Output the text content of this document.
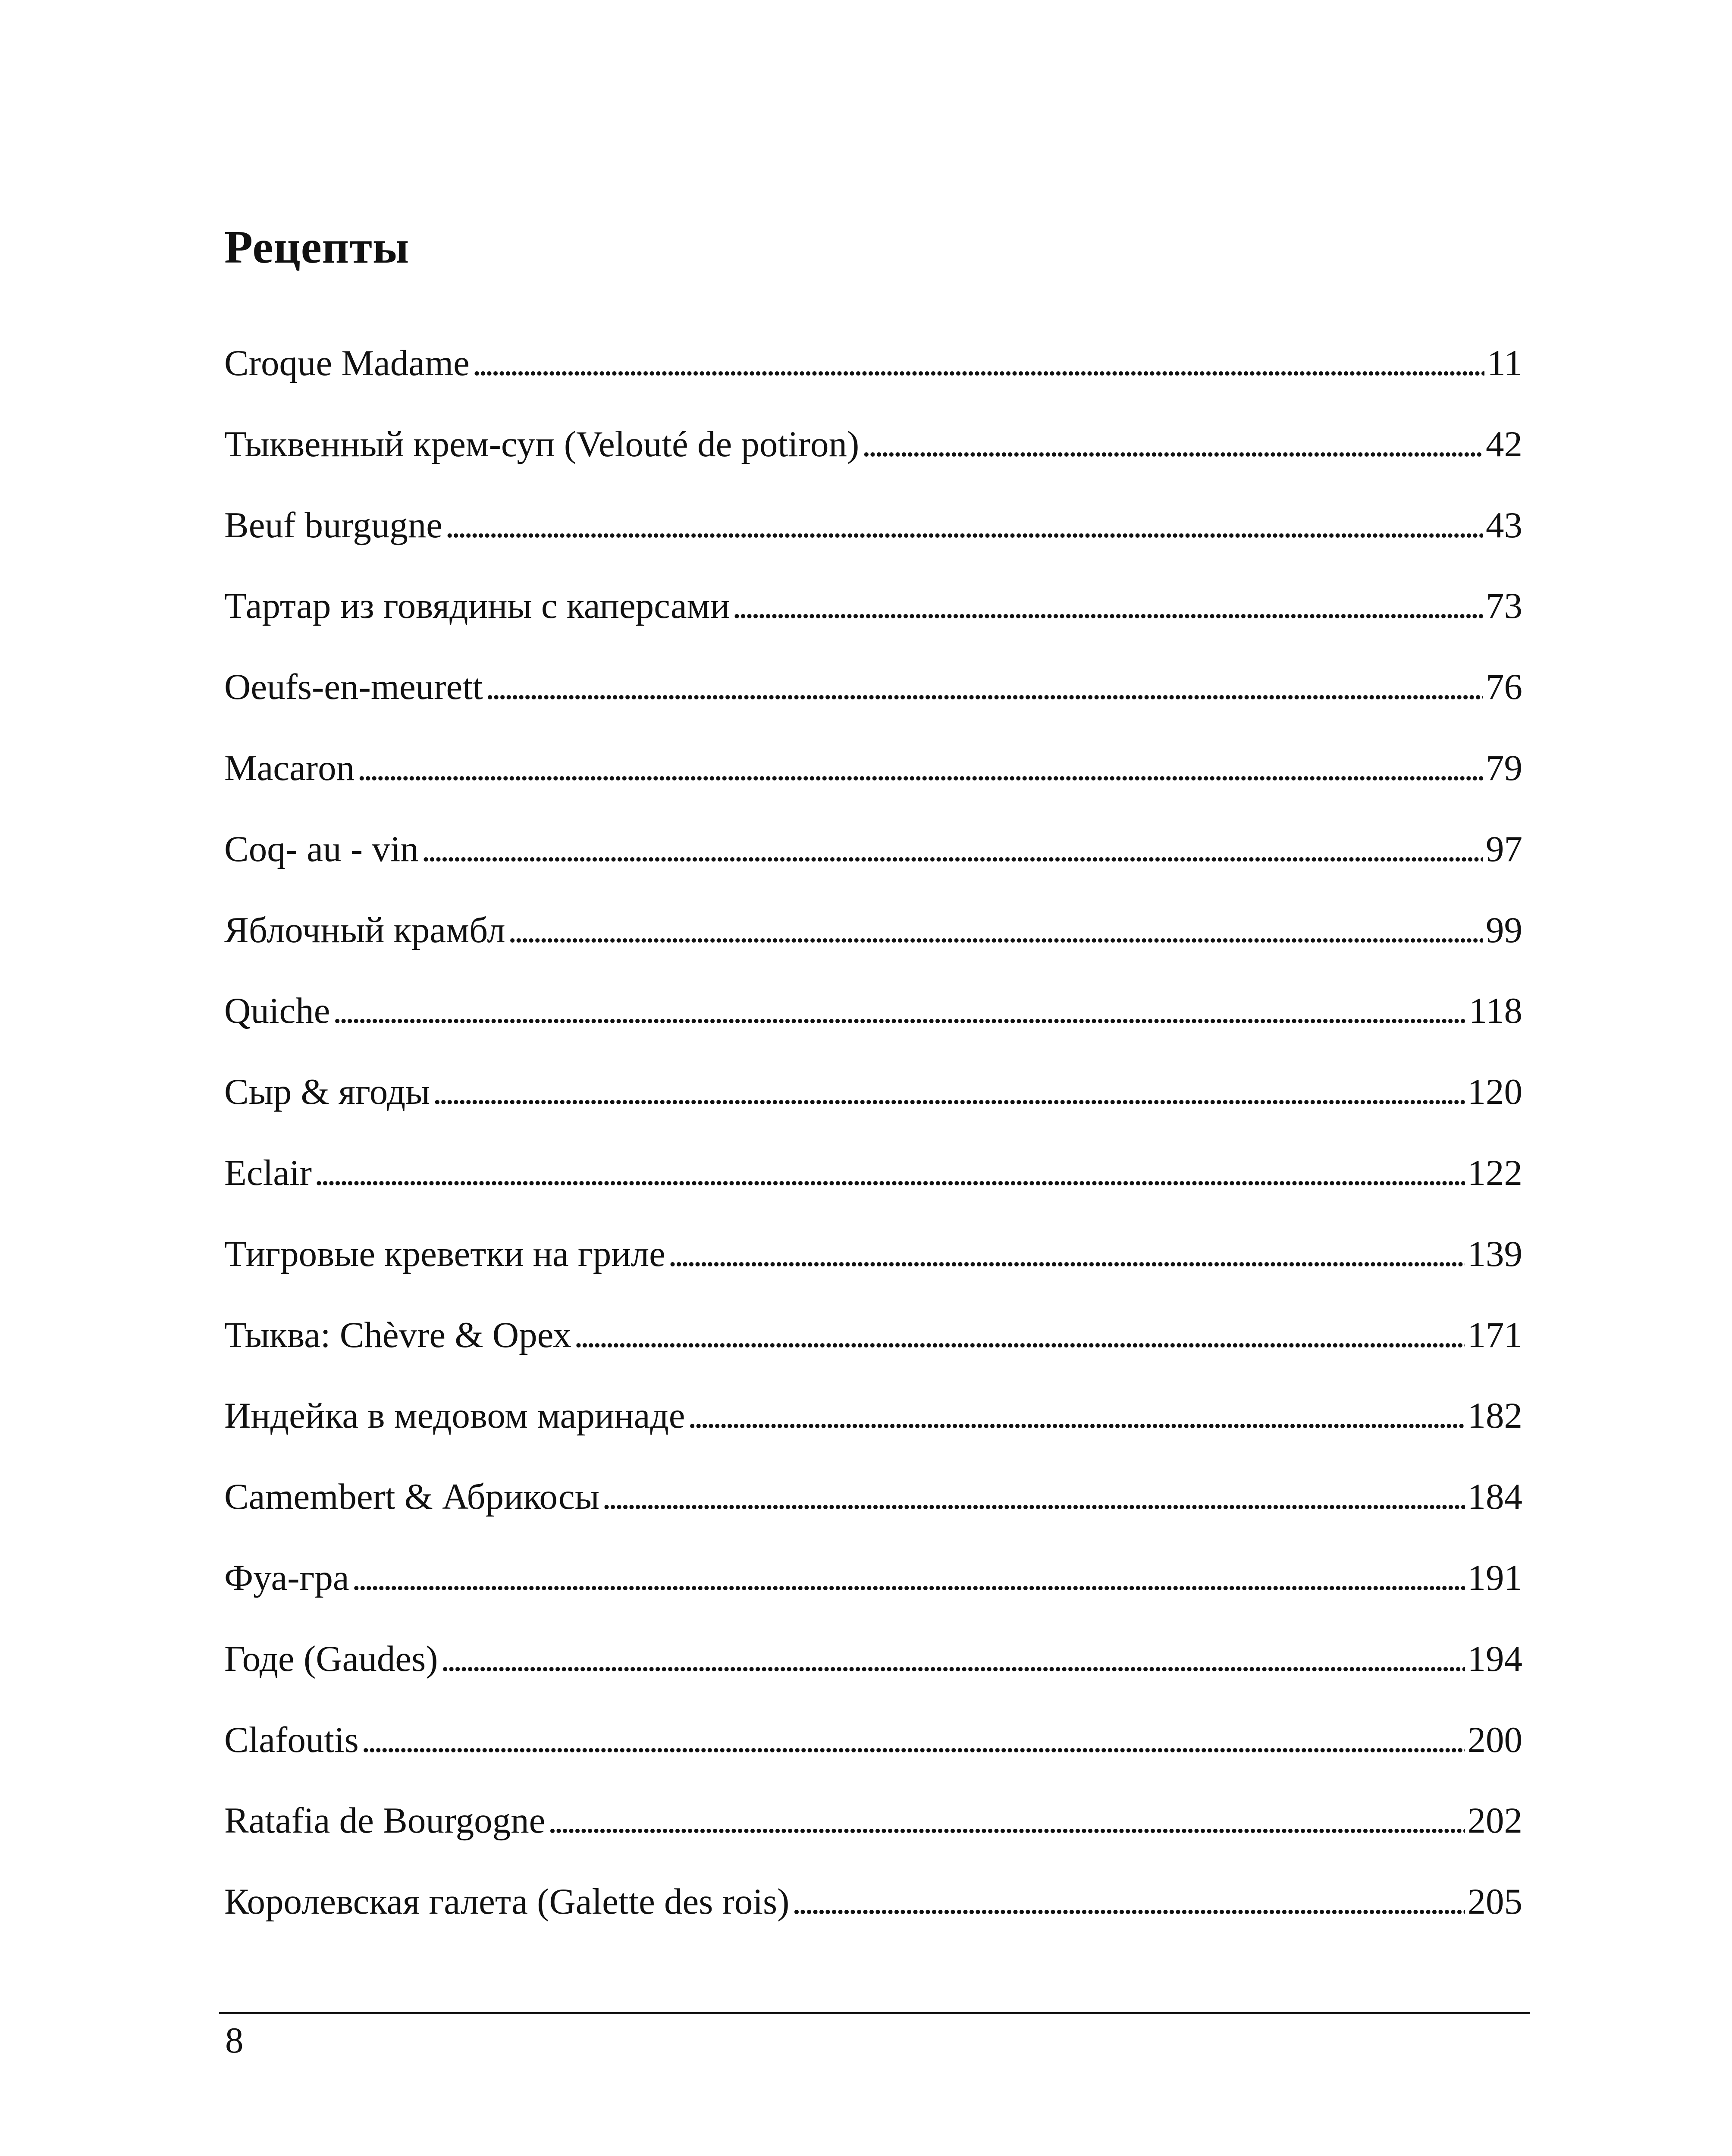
Рецепты
Croque Madame . . .	11
Тыквенный крем-суп (Velouté de potiron) . . .	42
Beuf burgugne . . .	43
Тартар из говядины с каперсами . . .	73
Oeufs-en-meurett . . .	76
Macaron . . .	79
Coq- au - vin . . .	97
Яблочный крамбл . . .	99
Quiche . . .	118
Сыр & ягоды . . .	120
Eclair . . .	122
Тигровые креветки на гриле . . .	139
Тыква: Chèvre & Орех . . .	171
Индейка в медовом маринаде . . .	182
Camembert & Абрикосы . . .	184
Фуа-гра . . .	191
Годе (Gaudes) . . .	194
Clafoutis . . .	200
Ratafia de Bourgogne . . .	202
Королевская галета (Galette des rois) . . .	205
8
